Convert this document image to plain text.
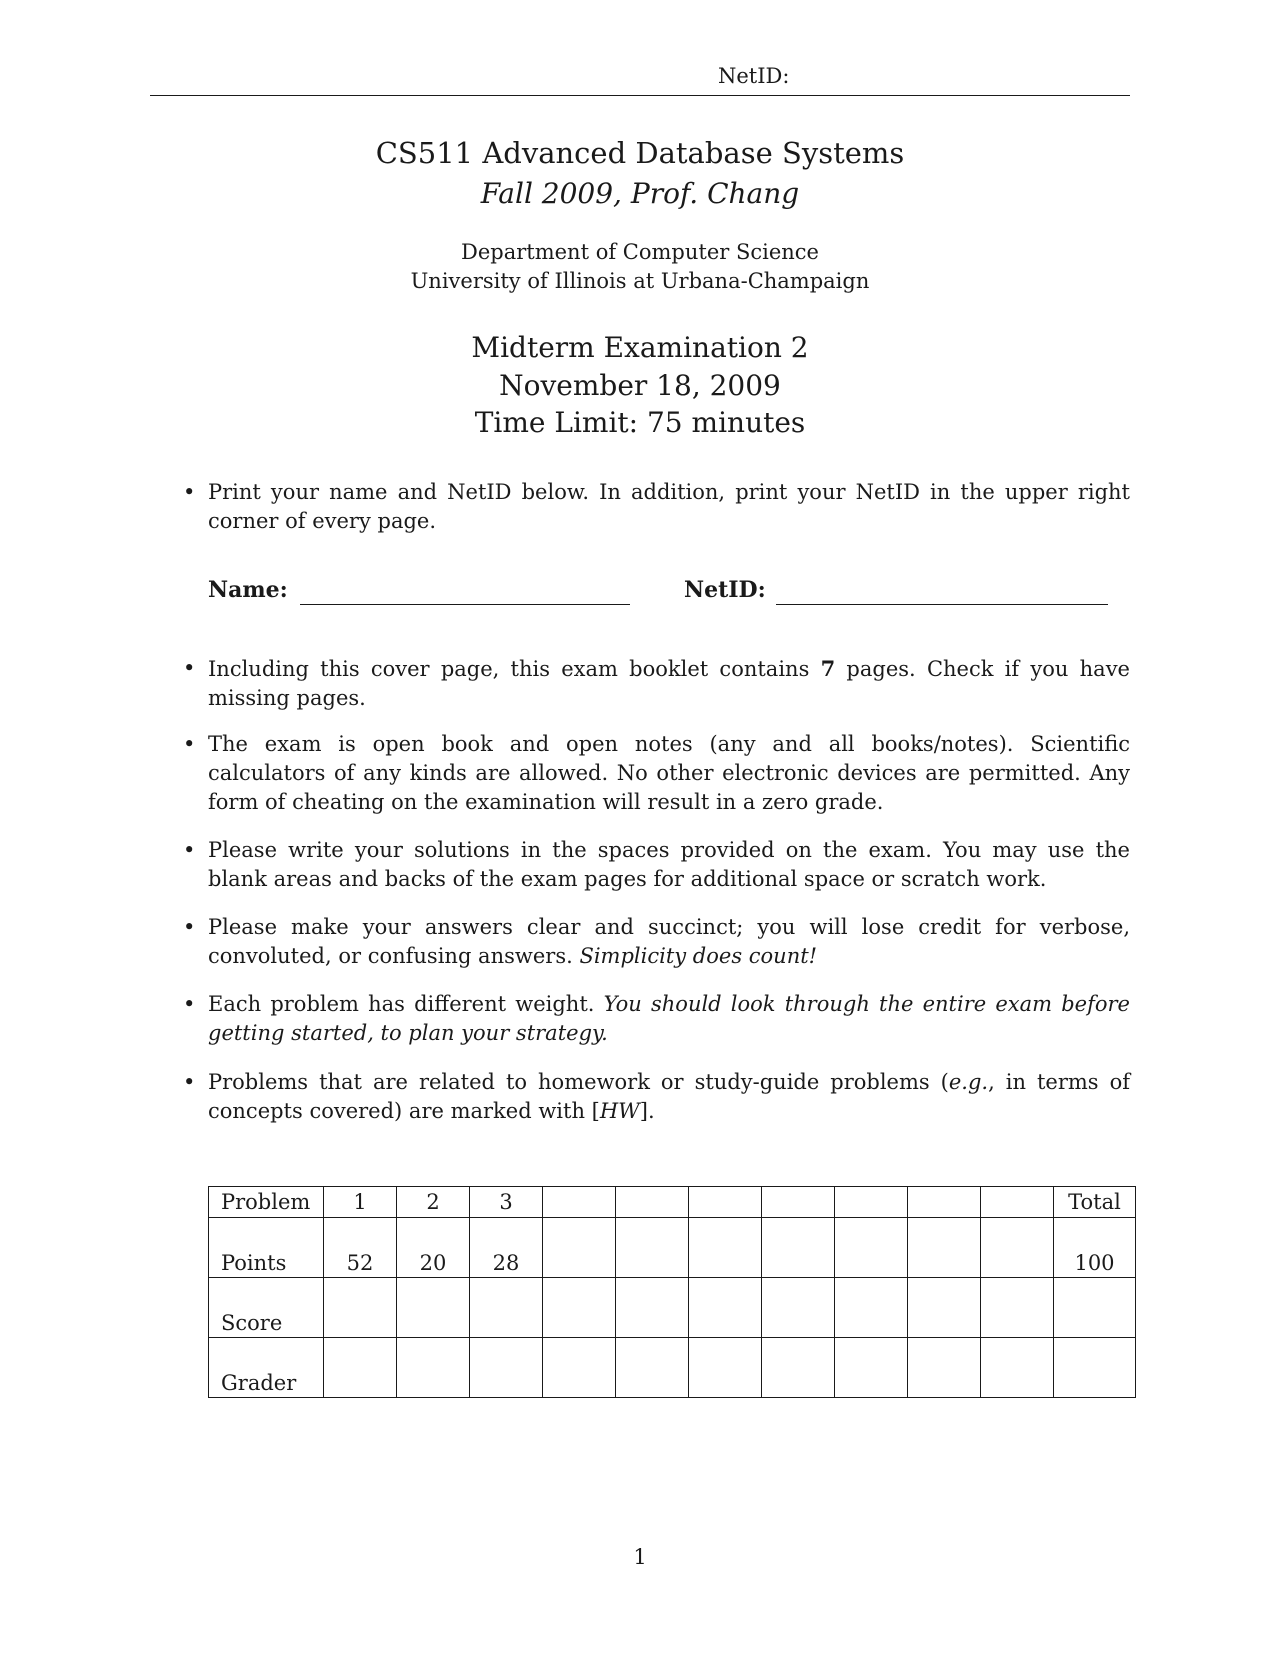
NetID:
CS511 Advanced Database Systems
Fall 2009, Prof. Chang
Department of Computer Science
University of Illinois at Urbana-Champaign
Midterm Examination 2
November 18, 2009
Time Limit: 75 minutes
• Print your name and NetID below. In addition, print your NetID in the upper right corner of every page.
Name:	NetID:
• Including this cover page, this exam booklet contains 7 pages. Check if you have missing pages.
• The exam is open book and open notes (any and all books/notes). Scientific calculators of any kinds are allowed. No other electronic devices are permitted. Any form of cheating on the examination will result in a zero grade.
• Please write your solutions in the spaces provided on the exam. You may use the blank areas and backs of the exam pages for additional space or scratch work.
• Please make your answers clear and succinct; you will lose credit for verbose, convoluted, or confusing answers. Simplicity does count!
• Each problem has different weight. You should look through the entire exam before getting started, to plan your strategy.
• Problems that are related to homework or study-guide problems (e.g., in terms of concepts covered) are marked with [HW].
Problem	1	2	3								Total
Points	52	20	28								100
Score											
Grader											
1
